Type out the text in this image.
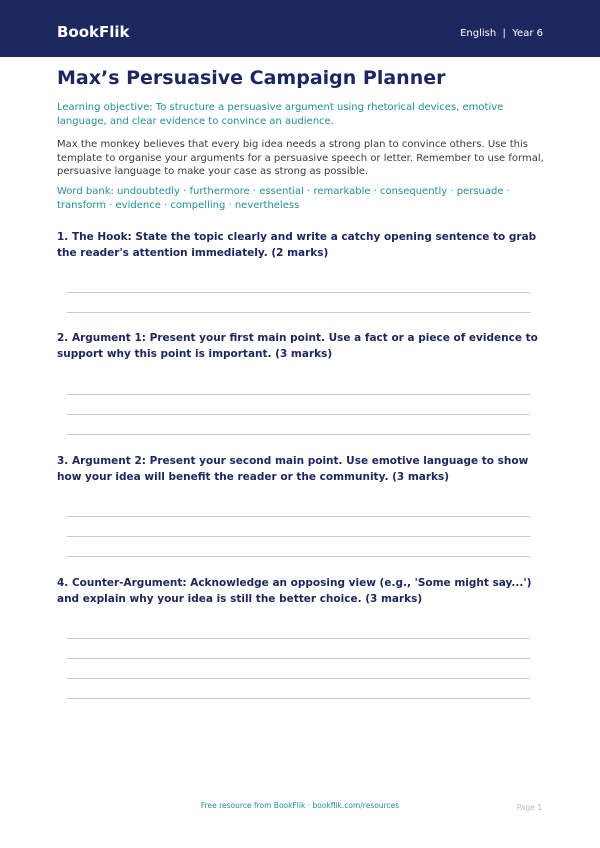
BookFlik	English | Year 6
Max’s Persuasive Campaign Planner

Learning objective: To structure a persuasive argument using rhetorical devices, emotive language, and clear evidence to convince an audience.

Max the monkey believes that every big idea needs a strong plan to convince others. Use this template to organise your arguments for a persuasive speech or letter. Remember to use formal, persuasive language to make your case as strong as possible.

Word bank: undoubtedly · furthermore · essential · remarkable · consequently · persuade · transform · evidence · compelling · nevertheless

1. The Hook: State the topic clearly and write a catchy opening sentence to grab the reader's attention immediately. (2 marks)

2. Argument 1: Present your first main point. Use a fact or a piece of evidence to support why this point is important. (3 marks)

3. Argument 2: Present your second main point. Use emotive language to show how your idea will benefit the reader or the community. (3 marks)

4. Counter-Argument: Acknowledge an opposing view (e.g., 'Some might say...') and explain why your idea is still the better choice. (3 marks)

Free resource from BookFlik · bookflik.com/resources	Page 1
